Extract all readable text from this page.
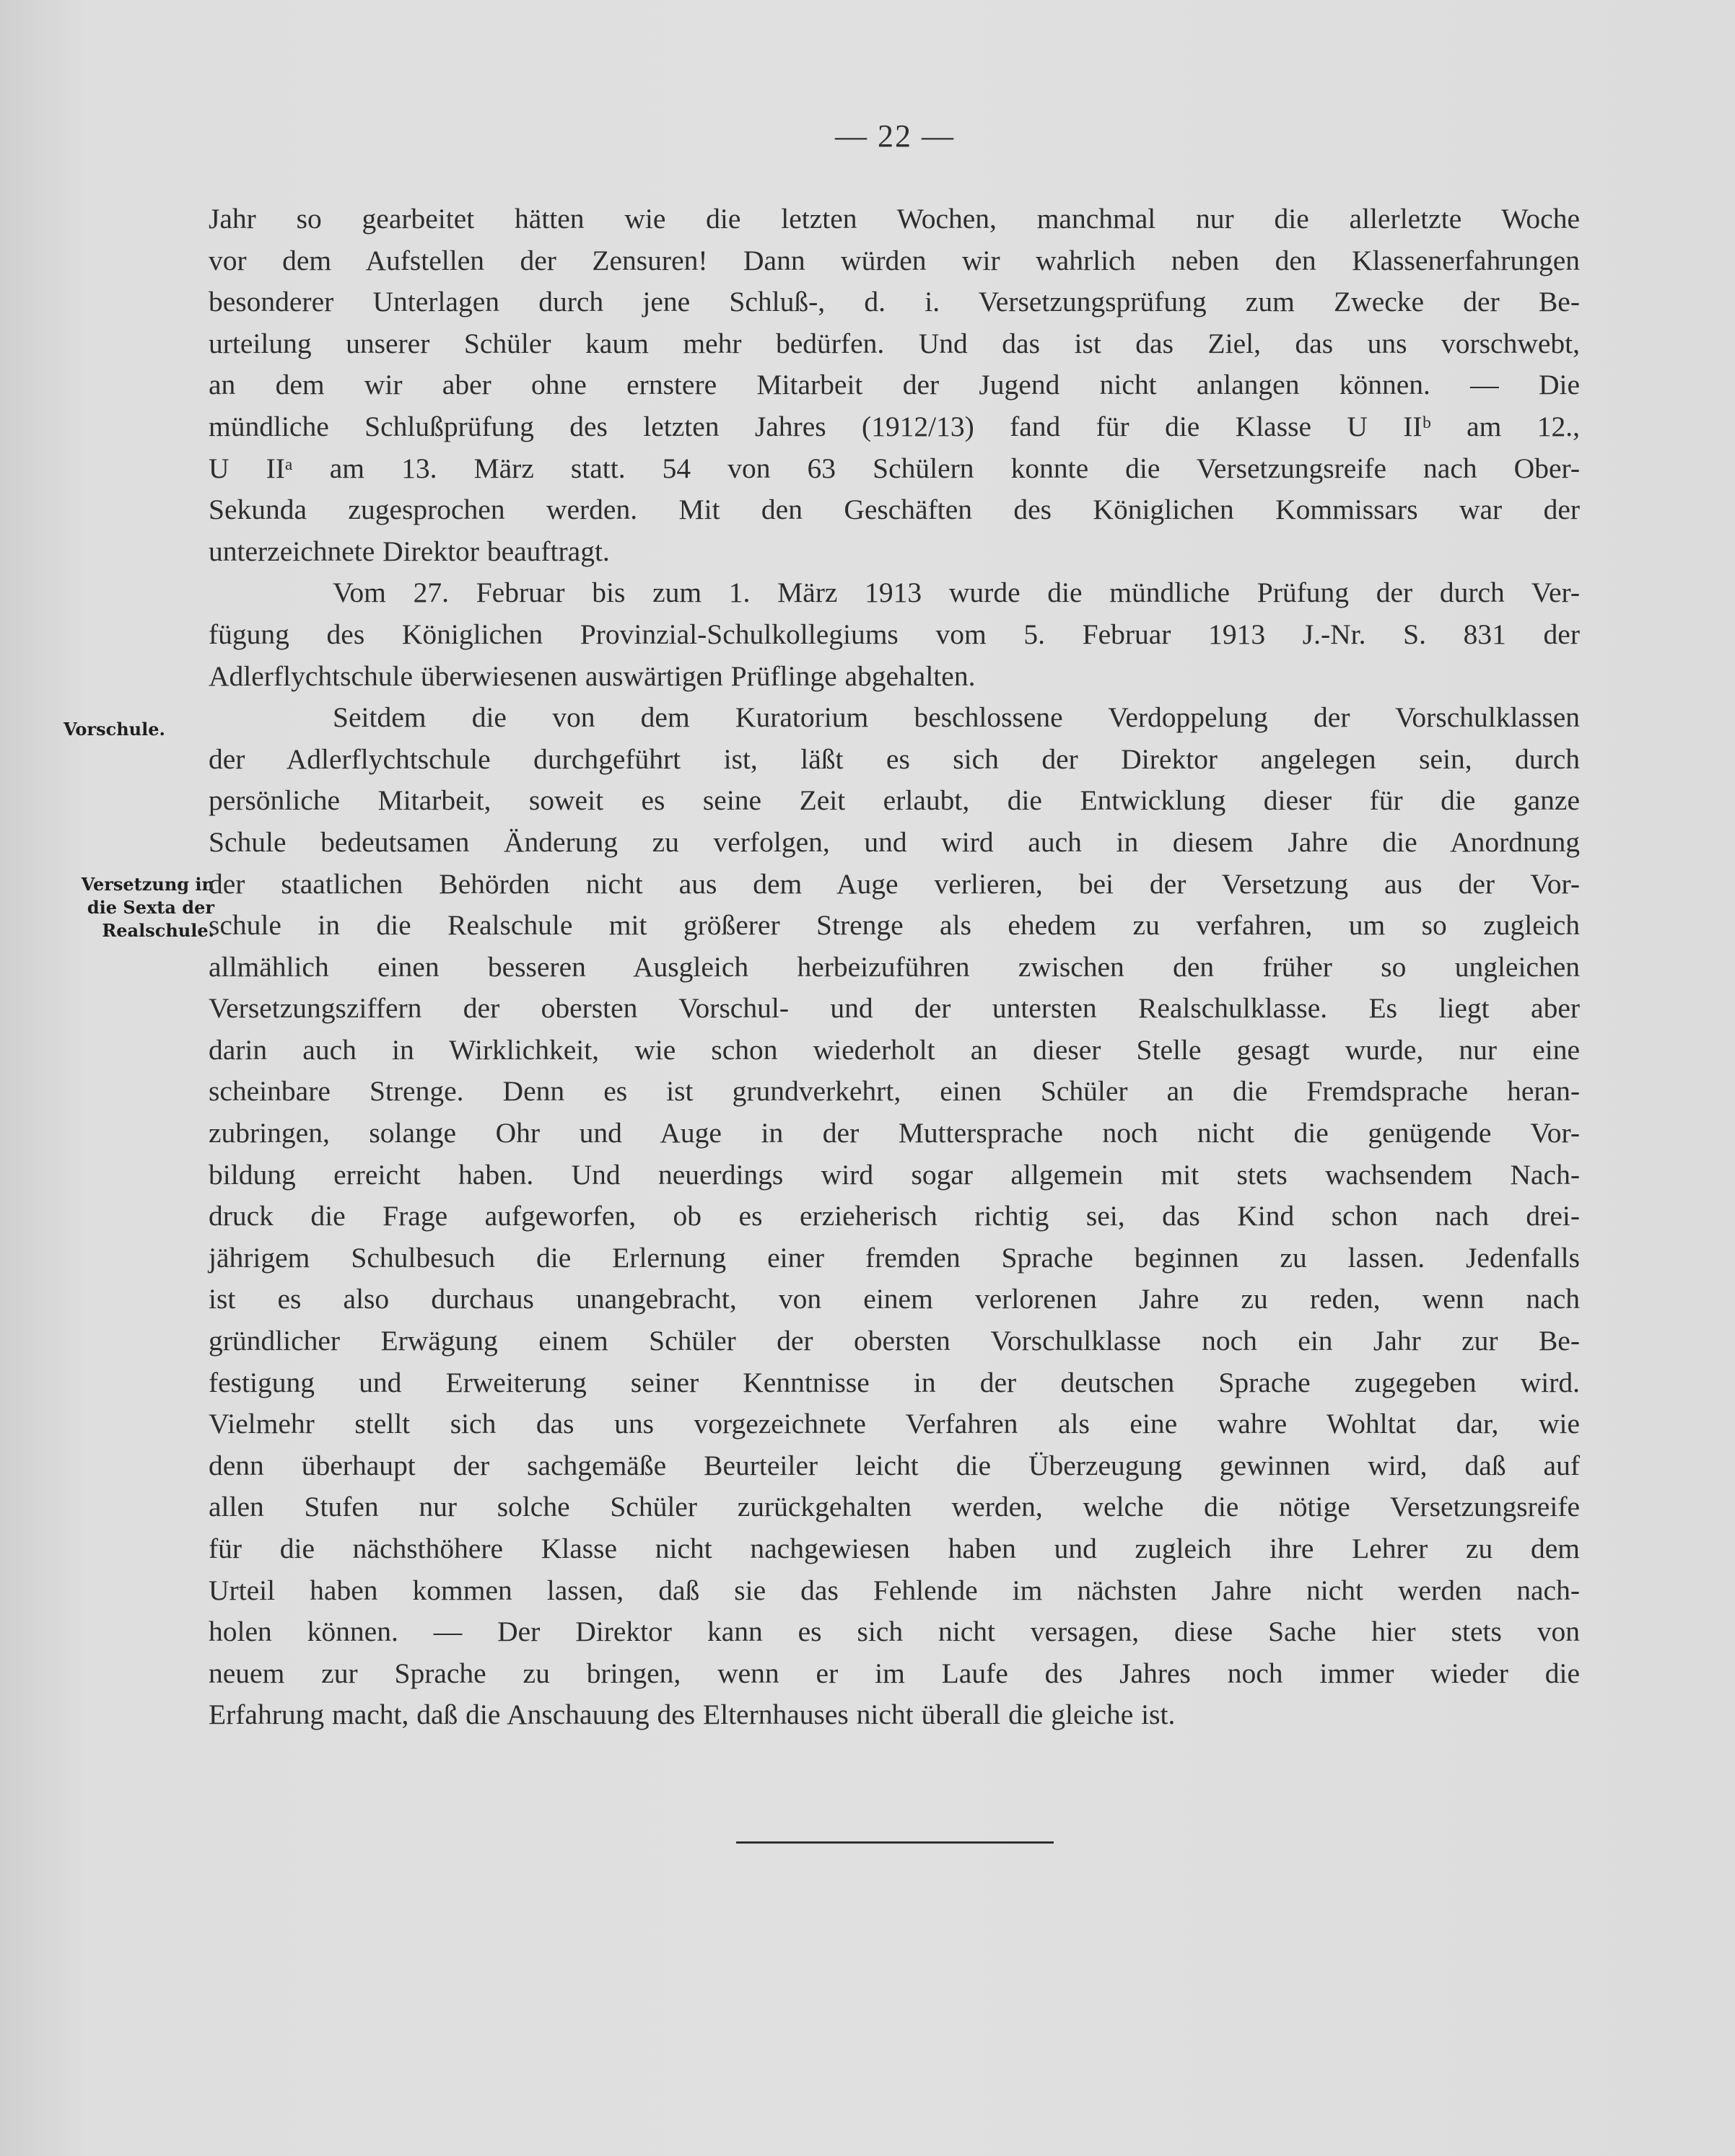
— 22 —
Vorschule.
Versetzung in
die Sexta der
Realschule.
Jahr so gearbeitet hätten wie die letzten Wochen, manchmal nur die allerletzte Woche
vor dem Aufstellen der Zensuren! Dann würden wir wahrlich neben den Klassenerfahrungen
besonderer Unterlagen durch jene Schluß-, d. i. Versetzungsprüfung zum Zwecke der Be-
urteilung unserer Schüler kaum mehr bedürfen. Und das ist das Ziel, das uns vorschwebt,
an dem wir aber ohne ernstere Mitarbeit der Jugend nicht anlangen können. — Die
mündliche Schlußprüfung des letzten Jahres (1912/13) fand für die Klasse U IIᵇ am 12.,
U IIᵃ am 13. März statt. 54 von 63 Schülern konnte die Versetzungsreife nach Ober-
Sekunda zugesprochen werden. Mit den Geschäften des Königlichen Kommissars war der
unterzeichnete Direktor beauftragt.
Vom 27. Februar bis zum 1. März 1913 wurde die mündliche Prüfung der durch Ver-
fügung des Königlichen Provinzial-Schulkollegiums vom 5. Februar 1913 J.-Nr. S. 831 der
Adlerflychtschule überwiesenen auswärtigen Prüflinge abgehalten.
Seitdem die von dem Kuratorium beschlossene Verdoppelung der Vorschulklassen
der Adlerflychtschule durchgeführt ist, läßt es sich der Direktor angelegen sein, durch
persönliche Mitarbeit, soweit es seine Zeit erlaubt, die Entwicklung dieser für die ganze
Schule bedeutsamen Änderung zu verfolgen, und wird auch in diesem Jahre die Anordnung
der staatlichen Behörden nicht aus dem Auge verlieren, bei der Versetzung aus der Vor-
schule in die Realschule mit größerer Strenge als ehedem zu verfahren, um so zugleich
allmählich einen besseren Ausgleich herbeizuführen zwischen den früher so ungleichen
Versetzungsziffern der obersten Vorschul- und der untersten Realschulklasse. Es liegt aber
darin auch in Wirklichkeit, wie schon wiederholt an dieser Stelle gesagt wurde, nur eine
scheinbare Strenge. Denn es ist grundverkehrt, einen Schüler an die Fremdsprache heran-
zubringen, solange Ohr und Auge in der Muttersprache noch nicht die genügende Vor-
bildung erreicht haben. Und neuerdings wird sogar allgemein mit stets wachsendem Nach-
druck die Frage aufgeworfen, ob es erzieherisch richtig sei, das Kind schon nach drei-
jährigem Schulbesuch die Erlernung einer fremden Sprache beginnen zu lassen. Jedenfalls
ist es also durchaus unangebracht, von einem verlorenen Jahre zu reden, wenn nach
gründlicher Erwägung einem Schüler der obersten Vorschulklasse noch ein Jahr zur Be-
festigung und Erweiterung seiner Kenntnisse in der deutschen Sprache zugegeben wird.
Vielmehr stellt sich das uns vorgezeichnete Verfahren als eine wahre Wohltat dar, wie
denn überhaupt der sachgemäße Beurteiler leicht die Überzeugung gewinnen wird, daß auf
allen Stufen nur solche Schüler zurückgehalten werden, welche die nötige Versetzungsreife
für die nächsthöhere Klasse nicht nachgewiesen haben und zugleich ihre Lehrer zu dem
Urteil haben kommen lassen, daß sie das Fehlende im nächsten Jahre nicht werden nach-
holen können. — Der Direktor kann es sich nicht versagen, diese Sache hier stets von
neuem zur Sprache zu bringen, wenn er im Laufe des Jahres noch immer wieder die
Erfahrung macht, daß die Anschauung des Elternhauses nicht überall die gleiche ist.
